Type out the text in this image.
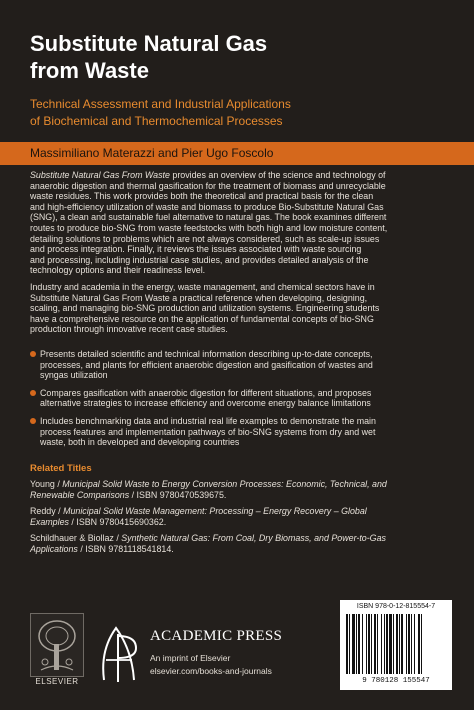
Substitute Natural Gas
from Waste
Technical Assessment and Industrial Applications
of Biochemical and Thermochemical Processes
Massimiliano Materazzi and Pier Ugo Foscolo
Substitute Natural Gas From Waste provides an overview of the science and technology of
anaerobic digestion and thermal gasification for the treatment of biomass and unrecyclable
waste residues. This work provides both the theoretical and practical basis for the clean
and high-efficiency utilization of waste and biomass to produce Bio-Substitute Natural Gas
(SNG), a clean and sustainable fuel alternative to natural gas. The book examines different
routes to produce bio-SNG from waste feedstocks with both high and low moisture content,
detailing solutions to problems which are not always considered, such as scale-up issues
and process integration. Finally, it reviews the issues associated with waste sourcing
and processing, including industrial case studies, and provides detailed analysis of the
technology options and their readiness level.
Industry and academia in the energy, waste management, and chemical sectors have in
Substitute Natural Gas From Waste a practical reference when developing, designing,
scaling, and managing bio-SNG production and utilization systems. Engineering students
have a comprehensive resource on the application of fundamental concepts of bio-SNG
production through innovative recent case studies.
Presents detailed scientific and technical information describing up-to-date concepts,
processes, and plants for efficient anaerobic digestion and gasification of wastes and
syngas utilization
Compares gasification with anaerobic digestion for different situations, and proposes
alternative strategies to increase efficiency and overcome energy balance limitations
Includes benchmarking data and industrial real life examples to demonstrate the main
process features and implementation pathways of bio-SNG systems from dry and wet
waste, both in developed and developing countries
Related Titles
Young / Municipal Solid Waste to Energy Conversion Processes: Economic, Technical, and
Renewable Comparisons / ISBN 9780470539675.
Reddy / Municipal Solid Waste Management: Processing – Energy Recovery – Global
Examples / ISBN 9780415690362.
Schildhauer & Biollaz / Synthetic Natural Gas: From Coal, Dry Biomass, and Power-to-Gas
Applications / ISBN 9781118541814.
ELSEVIER
ACADEMIC PRESS
An imprint of Elsevier
elsevier.com/books-and-journals
ISBN 978-0-12-815554-7
9 780128 155547
